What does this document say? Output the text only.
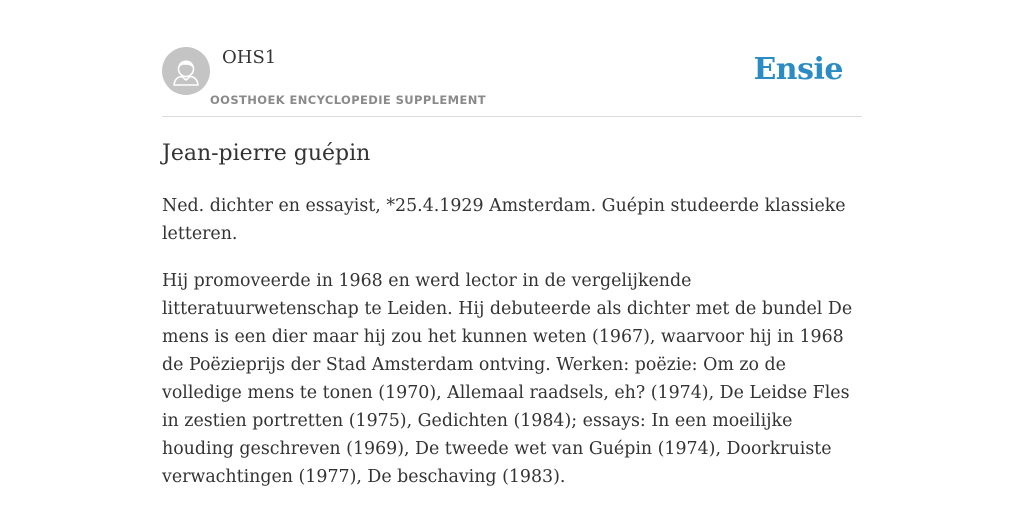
OHS1
OOSTHOEK ENCYCLOPEDIE SUPPLEMENT
Ensie
Jean-pierre guépin

Ned. dichter en essayist, *25.4.1929 Amsterdam. Guépin studeerde klassieke letteren.

Hij promoveerde in 1968 en werd lector in de vergelijkende litteratuurwetenschap te Leiden. Hij debuteerde als dichter met de bundel De mens is een dier maar hij zou het kunnen weten (1967), waarvoor hij in 1968 de Poëzieprijs der Stad Amsterdam ontving. Werken: poëzie: Om zo de volledige mens te tonen (1970), Allemaal raadsels, eh? (1974), De Leidse Fles in zestien portretten (1975), Gedichten (1984); essays: In een moeilijke houding geschreven (1969), De tweede wet van Guépin (1974), Doorkruiste verwachtingen (1977), De beschaving (1983).
